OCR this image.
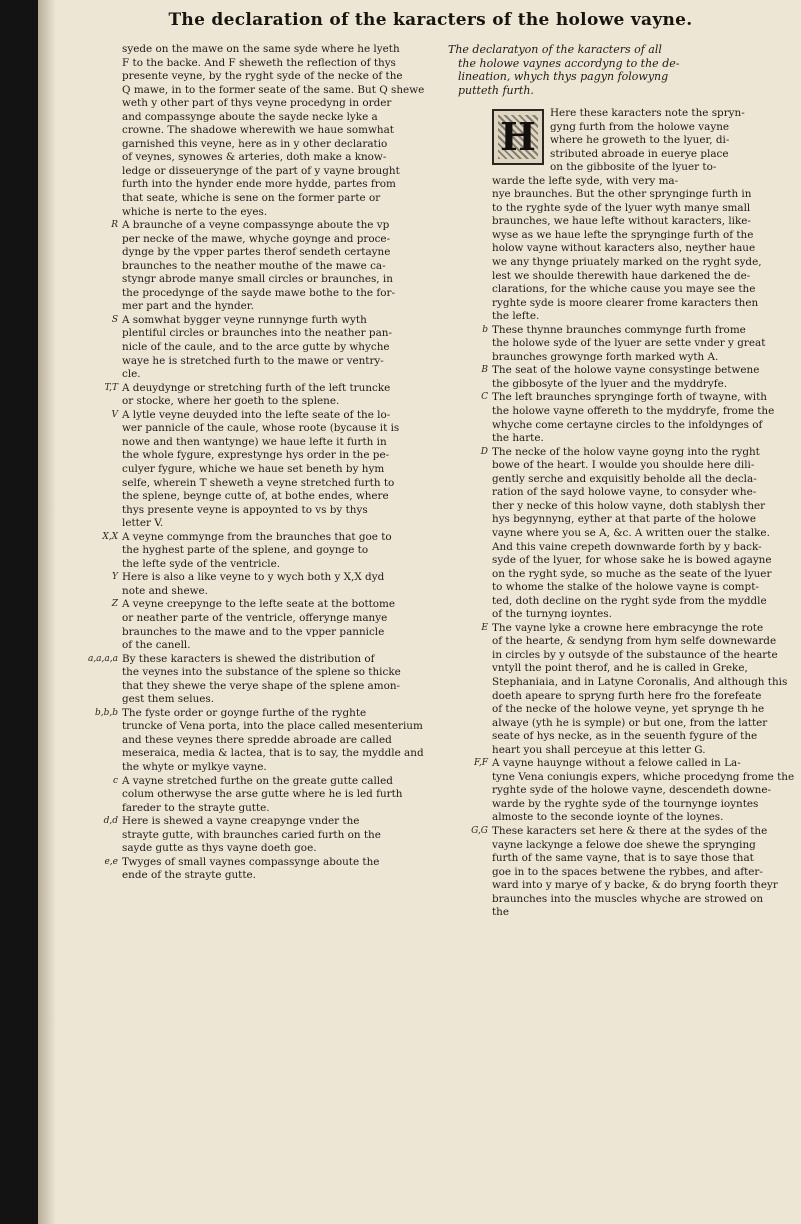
The declaration of the karacters of the holowe vayne.
syede on the mawe on the same syde where he lyeth
F to the backe. And F sheweth the reflection of thys
presente veyne, by the ryght syde of the necke of the
Q mawe, in to the former seate of the same. But Q shewe
weth y other part of thys veyne procedyng in order
and compassynge aboute the sayde necke lyke a
crowne. The shadowe wherewith we haue somwhat
garnished this veyne, here as in y other declaratio
of veynes, synowes & arteries, doth make a know-
ledge or disseuerynge of the part of y vayne brought
furth into the hynder ende more hydde, partes from
that seate, whiche is sene on the former parte or
whiche is nerte to the eyes.
R A braunche of a veyne compassynge aboute the vp
per necke of the mawe, whyche goynge and proce-
dynge by the vpper partes therof sendeth certayne
braunches to the neather mouthe of the mawe ca-
styngr abrode manye small circles or braunches, in
the procedynge of the sayde mawe bothe to the for-
mer part and the hynder.
S A somwhat bygger veyne runnynge furth wyth
plentiful circles or braunches into the neather pan-
nicle of the caule, and to the arce gutte by whyche
waye he is stretched furth to the mawe or ventry-
cle.
T,T A deuydynge or stretching furth of the left truncke
or stocke, where her goeth to the splene.
V A lytle veyne deuyded into the lefte seate of the lo-
wer pannicle of the caule, whose roote (bycause it is
nowe and then wantynge) we haue lefte it furth in
the whole fygure, exprestynge hys order in the pe-
culyer fygure, whiche we haue set beneth by hym
selfe, wherein T sheweth a veyne stretched furth to
the splene, beynge cutte of, at bothe endes, where
thys presente veyne is appoynted to vs by thys
letter V.
X,X A veyne commynge from the braunches that goe to
the hyghest parte of the splene, and goynge to
the lefte syde of the ventricle.
Y Here is also a like veyne to y wych both y X,X dyd
note and shewe.
Z A veyne creepynge to the lefte seate at the bottome
or neather parte of the ventricle, offerynge manye
braunches to the mawe and to the vpper pannicle
of the canell.
a,a,a,a By these karacters is shewed the distribution of
the veynes into the substance of the splene so thicke
that they shewe the verye shape of the splene amon-
gest them selues.
b,b,b The fyste order or goynge furthe of the ryghte
truncke of Vena porta, into the place called mesenterium
and these veynes there spredde abroade are called
meseraica, media & lactea, that is to say, the myddle and
the whyte or mylkye vayne.
c A vayne stretched furthe on the greate gutte called
colum otherwyse the arse gutte where he is led furth
fareder to the strayte gutte.
d,d Here is shewed a vayne creapynge vnder the
strayte gutte, with braunches caried furth on the
sayde gutte as thys vayne doeth goe.
e,e Twyges of small vaynes compassynge aboute the
ende of the strayte gutte.
The declaratyon of the karacters of all
the holowe vaynes accordyng to the de-
lineation, whych thys pagyn folowyng
putteth furth.
H
Here these karacters note the spryn-
gyng furth from the holowe vayne
where he groweth to the lyuer, di-
stributed abroade in euerye place
on the gibbosite of the lyuer to-
warde the lefte syde, with very ma-
nye braunches. But the other sprynginge furth in
to the ryghte syde of the lyuer wyth manye small
braunches, we haue lefte without karacters, like-
wyse as we haue lefte the sprynginge furth of the
holow vayne without karacters also, neyther haue
we any thynge priuately marked on the ryght syde,
lest we shoulde therewith haue darkened the de-
clarations, for the whiche cause you maye see the
ryghte syde is moore clearer frome karacters then
the lefte.
b These thynne braunches commynge furth frome
the holowe syde of the lyuer are sette vnder y great
braunches growynge forth marked wyth A.
B The seat of the holowe vayne consystinge betwene
the gibbosyte of the lyuer and the myddryfe.
C The left braunches sprynginge forth of twayne, with
the holowe vayne offereth to the myddryfe, frome the
whyche come certayne circles to the infoldynges of
the harte.
D The necke of the holow vayne goyng into the ryght
bowe of the heart. I woulde you shoulde here dili-
gently serche and exquisitly beholde all the decla-
ration of the sayd holowe vayne, to consyder whe-
ther y necke of this holow vayne, doth stablysh ther
hys begynnyng, eyther at that parte of the holowe
vayne where you se A, &c. A written ouer the stalke.
And this vaine crepeth downwarde forth by y back-
syde of the lyuer, for whose sake he is bowed agayne
on the ryght syde, so muche as the seate of the lyuer
to whome the stalke of the holowe vayne is compt-
ted, doth decline on the ryght syde from the myddle
of the turnyng ioyntes.
E The vayne lyke a crowne here embracynge the rote
of the hearte, & sendyng from hym selfe downewarde
in circles by y outsyde of the substaunce of the hearte
vntyll the point therof, and he is called in Greke,
Stephaniaia, and in Latyne Coronalis, And although this
doeth apeare to spryng furth here fro the forefeate
of the necke of the holowe veyne, yet sprynge th he
alwaye (yth he is symple) or but one, from the latter
seate of hys necke, as in the seuenth fygure of the
heart you shall perceyue at this letter G.
F,F A vayne hauynge without a felowe called in La-
tyne Vena coniungis expers, whiche procedyng frome the
ryghte syde of the holowe vayne, descendeth downe-
warde by the ryghte syde of the tournynge ioyntes
almoste to the seconde ioynte of the loynes.
G,G These karacters set here & there at the sydes of the
vayne lackynge a felowe doe shewe the sprynging
furth of the same vayne, that is to saye those that
goe in to the spaces betwene the rybbes, and after-
ward into y marye of y backe, & do bryng foorth theyr
braunches into the muscles whyche are strowed on
the
